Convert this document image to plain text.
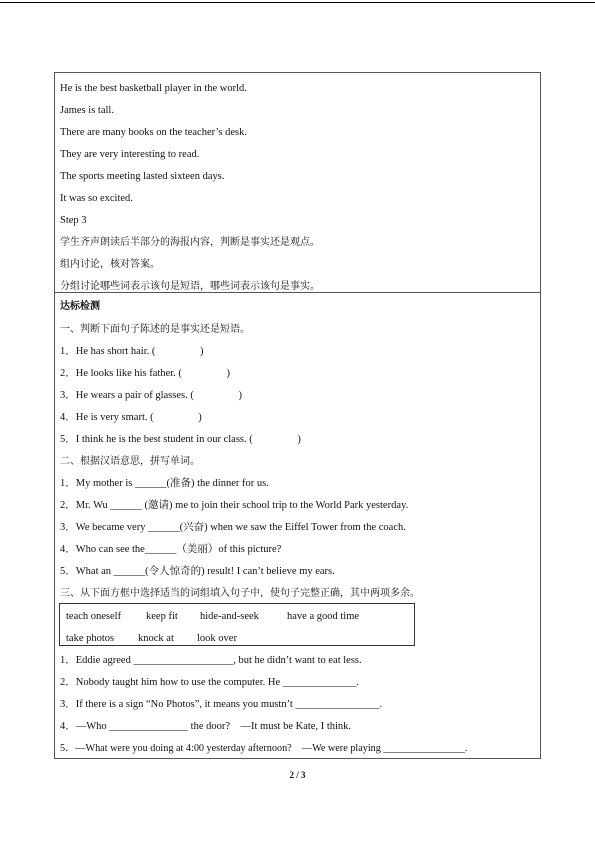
He is the best basketball player in the world.
James is tall.
There are many books on the teacher’s desk.
They are very interesting to read.
The sports meeting lasted sixteen days.
It was so excited.
Step 3
学生齐声朗读后半部分的海报内容，判断是事实还是观点。
组内讨论，核对答案。
分组讨论哪些词表示该句是短语，哪些词表示该句是事实。
达标检测
一、判断下面句子陈述的是事实还是短语。
1．He has short hair. (                 )
2．He looks like his father. (                 )
3．He wears a pair of glasses. (                 )
4．He is very smart. (                 )
5．I think he is the best student in our class. (                 )
二、根据汉语意思，拼写单词。
1．My mother is ______(准备) the dinner for us.
2．Mr. Wu ______ (邀请) me to join their school trip to the World Park yesterday.
3．We became very ______(兴奋) when we saw the Eiffel Tower from the coach.
4．Who can see the______（美丽）of this picture?
5．What an ______(令人惊奇的) result! I can’t believe my ears.
三、从下面方框中选择适当的词组填入句子中，使句子完整正确，其中两项多余。
teach oneself keep fit hide-and-seek	have a good time
take photos knock at look over
1．Eddie agreed ___________________, but he didn’t want to eat less.
2．Nobody taught him how to use the computer. He ______________.
3．If there is a sign “No Photos”, it means you mustn’t ________________.
4．—Who _______________ the door?    —It must be Kate, I think.
5．—What were you doing at 4:00 yesterday afternoon?    —We were playing ________________.
2 / 3
